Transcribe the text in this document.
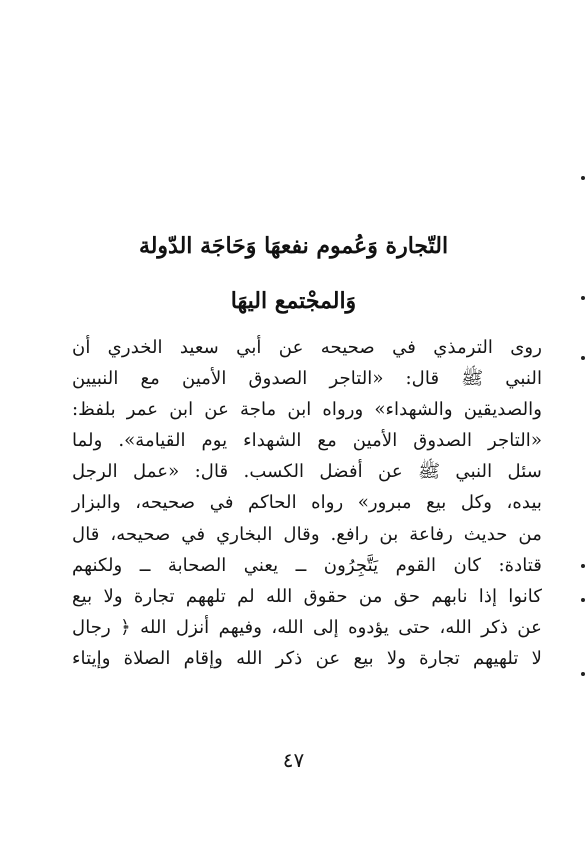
التّجارة وَعُموم نفعهَا وَحَاجَة الدّولة
وَالمجْتمع اليهَا
روى الترمذي في صحيحه عن أبي سعيد الخدري أن
النبي ﷺ قال: «التاجر الصدوق الأمين مع النبيين
والصديقين والشهداء» ورواه ابن ماجة عن ابن عمر بلفظ:
«التاجر الصدوق الأمين مع الشهداء يوم القيامة». ولما
سئل النبي ﷺ عن أفضل الكسب. قال: «عمل الرجل
بيده، وكل بيع مبرور» رواه الحاكم في صحيحه، والبزار
من حديث رفاعة بن رافع. وقال البخاري في صحيحه، قال
قتادة: كان القوم يَتَّجِرُون ــ يعني الصحابة ــ ولكنهم
كانوا إذا نابهم حق من حقوق الله لم تلههم تجارة ولا بيع
عن ذكر الله، حتى يؤدوه إلى الله، وفيهم أنزل الله ﴿ رجال
لا تلهيهم تجارة ولا بيع عن ذكر الله وإقام الصلاة وإيتاء
٤٧
